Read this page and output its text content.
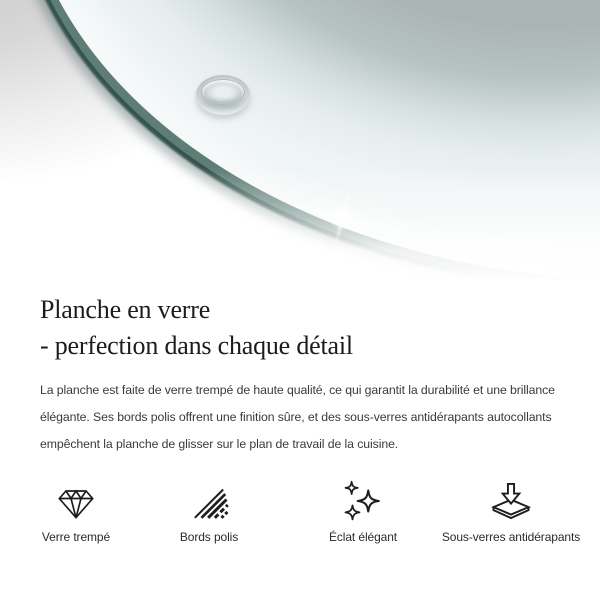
Planche en verre
- perfection dans chaque détail

La planche est faite de verre trempé de haute qualité, ce qui garantit la durabilité et une brillance élégante. Ses bords polis offrent une finition sûre, et des sous-verres antidérapants autocollants empêchent la planche de glisser sur le plan de travail de la cuisine.

Verre trempé	Bords polis	Éclat élégant	Sous-verres antidérapants
